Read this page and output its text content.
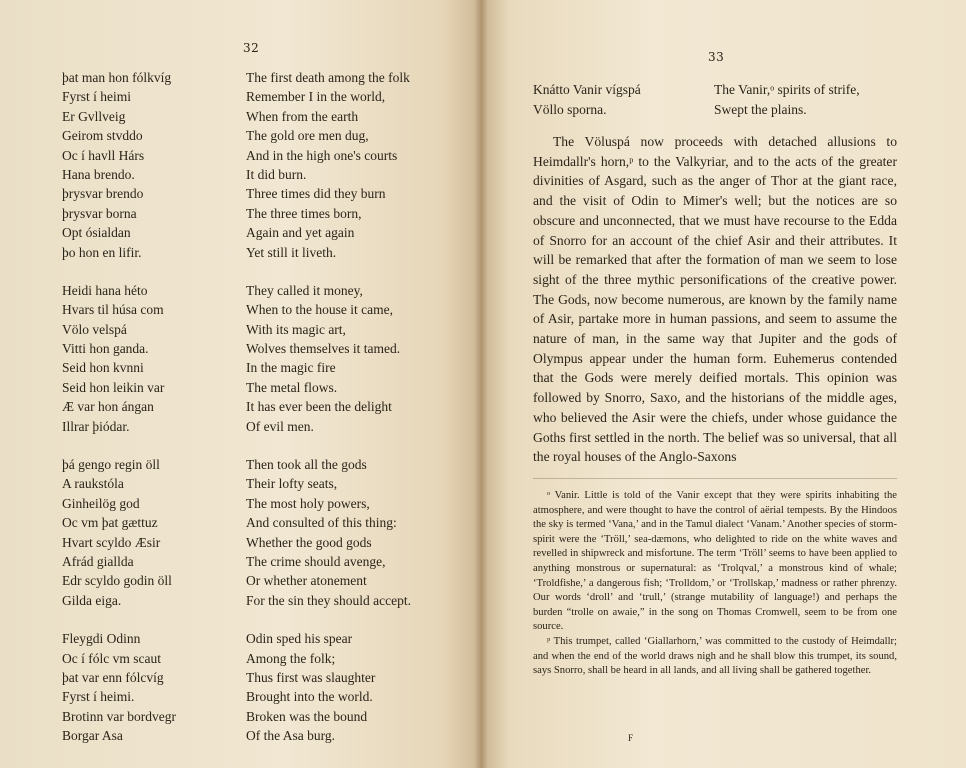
32
þat man hon fólkvíg
Fyrst í heimi
Er Gvllveig
Geirom stvddo
Oc í havll Hárs
Hana brendo.
þrysvar brendo
þrysvar borna
Opt ósialdan
þo hon en lifir.
Heidi hana héto
Hvars til húsa com
Völo velspá
Vitti hon ganda.
Seid hon kvnni
Seid hon leikin var
Æ var hon ángan
Illrar þiódar.
þá gengo regin öll
A raukstóla
Ginheilög god
Oc vm þat gættuz
Hvart scyldo Æsir
Afrád giallda
Edr scyldo godin öll
Gilda eiga.
Fleygdi Odinn
Oc í fólc vm scaut
þat var enn fólcvíg
Fyrst í heimi.
Brotinn var bordvegr
Borgar Asa
The first death among the folk
Remember I in the world,
When from the earth
The gold ore men dug,
And in the high one's courts
It did burn.
Three times did they burn
The three times born,
Again and yet again
Yet still it liveth.
They called it money,
When to the house it came,
With its magic art,
Wolves themselves it tamed.
In the magic fire
The metal flows.
It has ever been the delight
Of evil men.
Then took all the gods
Their lofty seats,
The most holy powers,
And consulted of this thing:
Whether the good gods
The crime should avenge,
Or whether atonement
For the sin they should accept.
Odin sped his spear
Among the folk;
Thus first was slaughter
Brought into the world.
Broken was the bound
Of the Asa burg.
33
Knátto Vanir vígspá
Völlo sporna.
The Vanir,ᵒ spirits of strife,
Swept the plains.

The Völuspá now proceeds with detached allusions to Heimdallr's horn,ᵖ to the Valkyriar, and to the acts of the greater divinities of Asgard, such as the anger of Thor at the giant race, and the visit of Odin to Mimer's well; but the notices are so obscure and unconnected, that we must have recourse to the Edda of Snorro for an account of the chief Asir and their attributes. It will be remarked that after the formation of man we seem to lose sight of the three mythic personifications of the creative power. The Gods, now become numerous, are known by the family name of Asir, partake more in human passions, and seem to assume the nature of man, in the same way that Jupiter and the gods of Olympus appear under the human form. Euhemerus contended that the Gods were merely deified mortals. This opinion was followed by Snorro, Saxo, and the historians of the middle ages, who believed the Asir were the chiefs, under whose guidance the Goths first settled in the north. The belief was so universal, that all the royal houses of the Anglo-Saxons

ᵒ Vanir. Little is told of the Vanir except that they were spirits inhabiting the atmosphere, and were thought to have the control of aërial tempests. By the Hindoos the sky is termed ‘Vana,’ and in the Tamul dialect ‘Vanam.’ Another species of storm-spirit were the ‘Tröll,’ sea-dæmons, who delighted to ride on the white waves and revelled in shipwreck and misfortune. The term ‘Tröll’ seems to have been applied to anything monstrous or supernatural: as ‘Trolqval,’ a monstrous kind of whale; ‘Troldfishe,’ a dangerous fish; ‘Trolldom,’ or ‘Trollskap,’ madness or rather phrenzy. Our words ‘droll’ and ‘trull,’ (strange mutability of language!) and perhaps the burden “trolle on awaie,” in the song on Thomas Cromwell, seem to be from one source.

ᵖ This trumpet, called ‘Giallarhorn,’ was committed to the custody of Heimdallr; and when the end of the world draws nigh and he shall blow this trumpet, its sound, says Snorro, shall be heard in all lands, and all living shall be gathered together.

F
